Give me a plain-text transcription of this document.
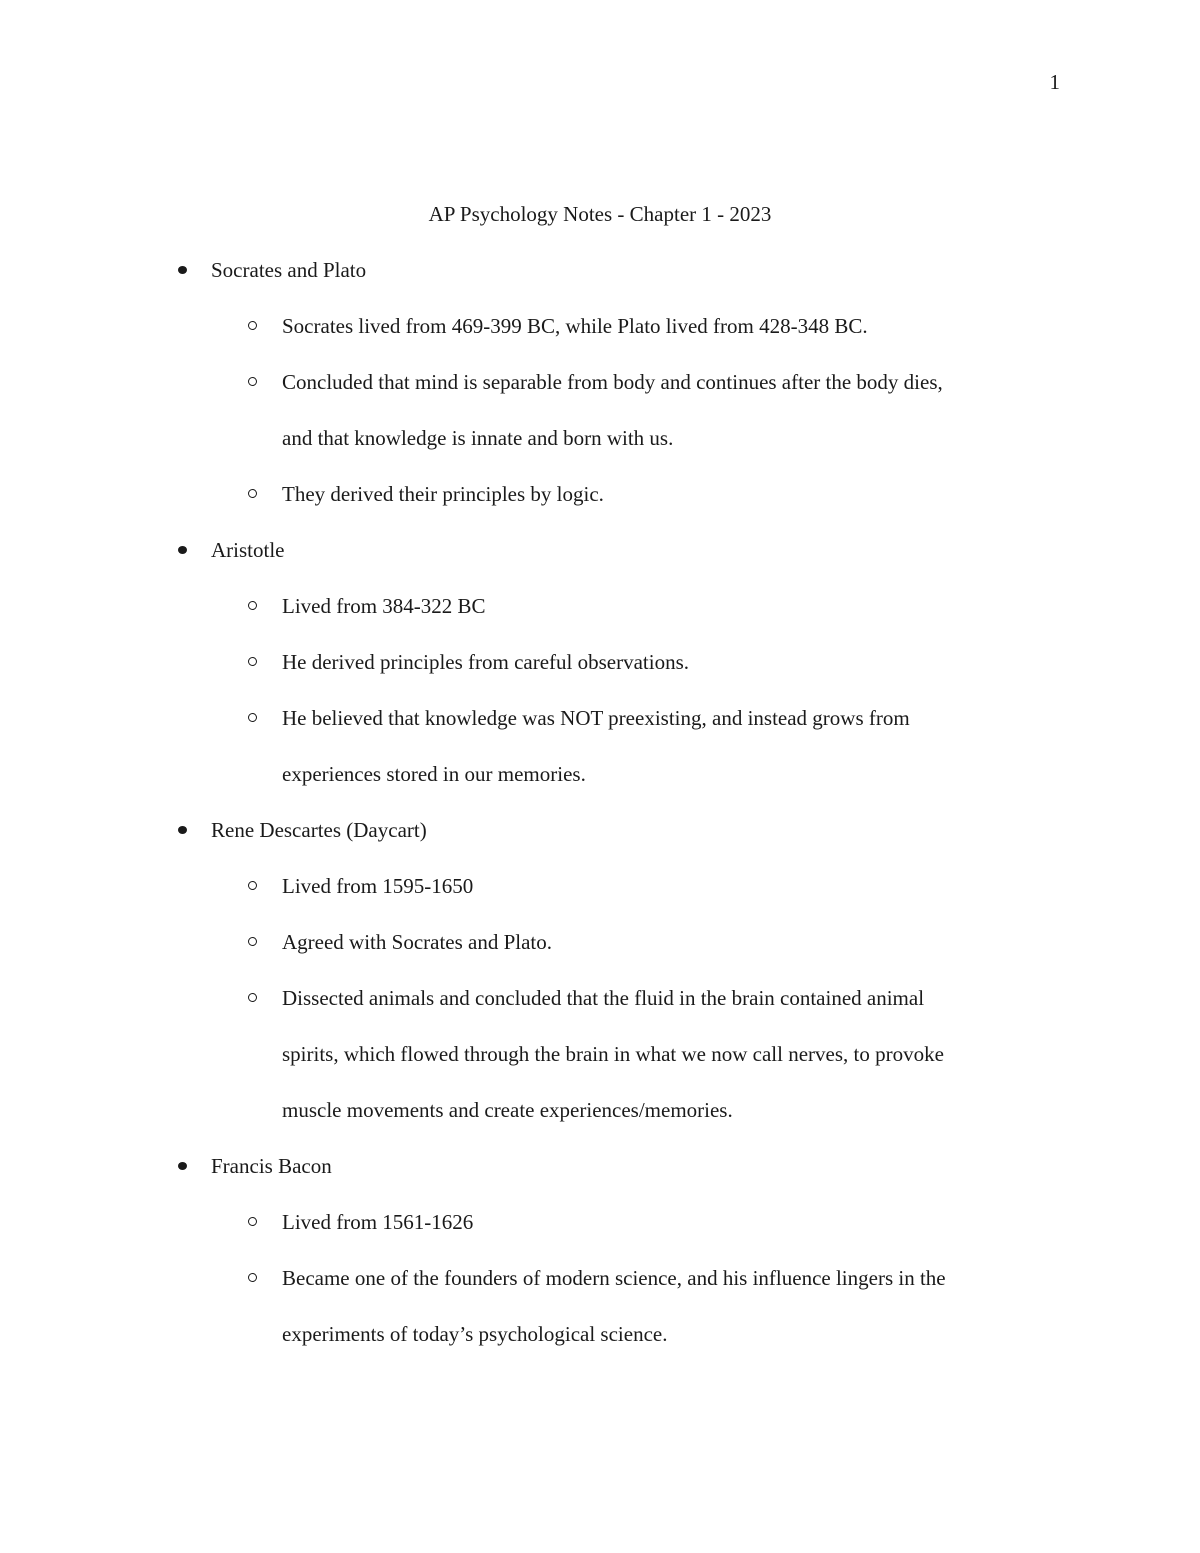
1
AP Psychology Notes - Chapter 1 - 2023
Socrates and Plato
Socrates lived from 469-399 BC, while Plato lived from 428-348 BC.
Concluded that mind is separable from body and continues after the body dies,
and that knowledge is innate and born with us.
They derived their principles by logic.
Aristotle
Lived from 384-322 BC
He derived principles from careful observations.
He believed that knowledge was NOT preexisting, and instead grows from
experiences stored in our memories.
Rene Descartes (Daycart)
Lived from 1595-1650
Agreed with Socrates and Plato.
Dissected animals and concluded that the fluid in the brain contained animal
spirits, which flowed through the brain in what we now call nerves, to provoke
muscle movements and create experiences/memories.
Francis Bacon
Lived from 1561-1626
Became one of the founders of modern science, and his influence lingers in the
experiments of today’s psychological science.
